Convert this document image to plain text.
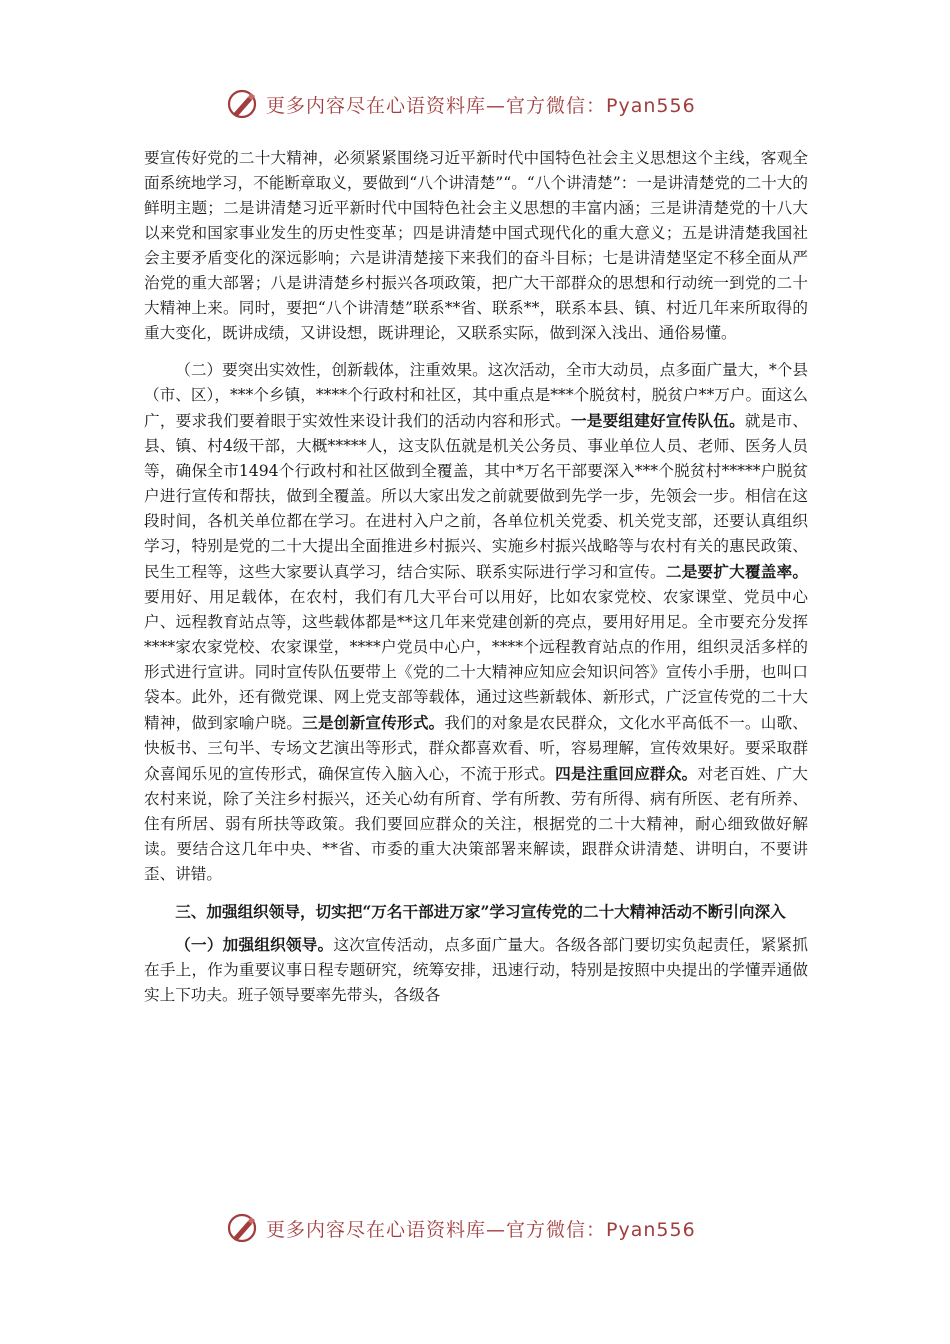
更多内容尽在心语资料库—官方微信：Pyan556

要宣传好党的二十大精神，必须紧紧围绕习近平新时代中国特色社会主义思想这个主线，客观全面系统地学习，不能断章取义，要做到“八个讲清楚”“。“八个讲清楚”：一是讲清楚党的二十大的鲜明主题；二是讲清楚习近平新时代中国特色社会主义思想的丰富内涵；三是讲清楚党的十八大以来党和国家事业发生的历史性变革；四是讲清楚中国式现代化的重大意义；五是讲清楚我国社会主要矛盾变化的深远影响；六是讲清楚接下来我们的奋斗目标；七是讲清楚坚定不移全面从严治党的重大部署；八是讲清楚乡村振兴各项政策，把广大干部群众的思想和行动统一到党的二十大精神上来。同时，要把“八个讲清楚”联系**省、联系**，联系本县、镇、村近几年来所取得的重大变化，既讲成绩，又讲设想，既讲理论，又联系实际，做到深入浅出、通俗易懂。

（二）要突出实效性，创新载体，注重效果。这次活动，全市大动员，点多面广量大，*个县（市、区），***个乡镇，****个行政村和社区，其中重点是***个脱贫村，脱贫户**万户。面这么广，要求我们要着眼于实效性来设计我们的活动内容和形式。一是要组建好宣传队伍。就是市、县、镇、村4级干部，大概*****人，这支队伍就是机关公务员、事业单位人员、老师、医务人员等，确保全市1494个行政村和社区做到全覆盖，其中*万名干部要深入***个脱贫村*****户脱贫户进行宣传和帮扶，做到全覆盖。所以大家出发之前就要做到先学一步，先领会一步。相信在这段时间，各机关单位都在学习。在进村入户之前，各单位机关党委、机关党支部，还要认真组织学习，特别是党的二十大提出全面推进乡村振兴、实施乡村振兴战略等与农村有关的惠民政策、民生工程等，这些大家要认真学习，结合实际、联系实际进行学习和宣传。二是要扩大覆盖率。要用好、用足载体，在农村，我们有几大平台可以用好，比如农家党校、农家课堂、党员中心户、远程教育站点等，这些载体都是**这几年来党建创新的亮点，要用好用足。全市要充分发挥****家农家党校、农家课堂，****户党员中心户，****个远程教育站点的作用，组织灵活多样的形式进行宣讲。同时宣传队伍要带上《党的二十大精神应知应会知识问答》宣传小手册，也叫口袋本。此外，还有微党课、网上党支部等载体，通过这些新载体、新形式，广泛宣传党的二十大精神，做到家喻户晓。三是创新宣传形式。我们的对象是农民群众，文化水平高低不一。山歌、快板书、三句半、专场文艺演出等形式，群众都喜欢看、听，容易理解，宣传效果好。要采取群众喜闻乐见的宣传形式，确保宣传入脑入心，不流于形式。四是注重回应群众。对老百姓、广大农村来说，除了关注乡村振兴，还关心幼有所育、学有所教、劳有所得、病有所医、老有所养、住有所居、弱有所扶等政策。我们要回应群众的关注，根据党的二十大精神，耐心细致做好解读。要结合这几年中央、**省、市委的重大决策部署来解读，跟群众讲清楚、讲明白，不要讲歪、讲错。

三、加强组织领导，切实把“万名干部进万家”学习宣传党的二十大精神活动不断引向深入

（一）加强组织领导。这次宣传活动，点多面广量大。各级各部门要切实负起责任，紧紧抓在手上，作为重要议事日程专题研究，统筹安排，迅速行动，特别是按照中央提出的学懂弄通做实上下功夫。班子领导要率先带头，各级各

更多内容尽在心语资料库—官方微信：Pyan556
